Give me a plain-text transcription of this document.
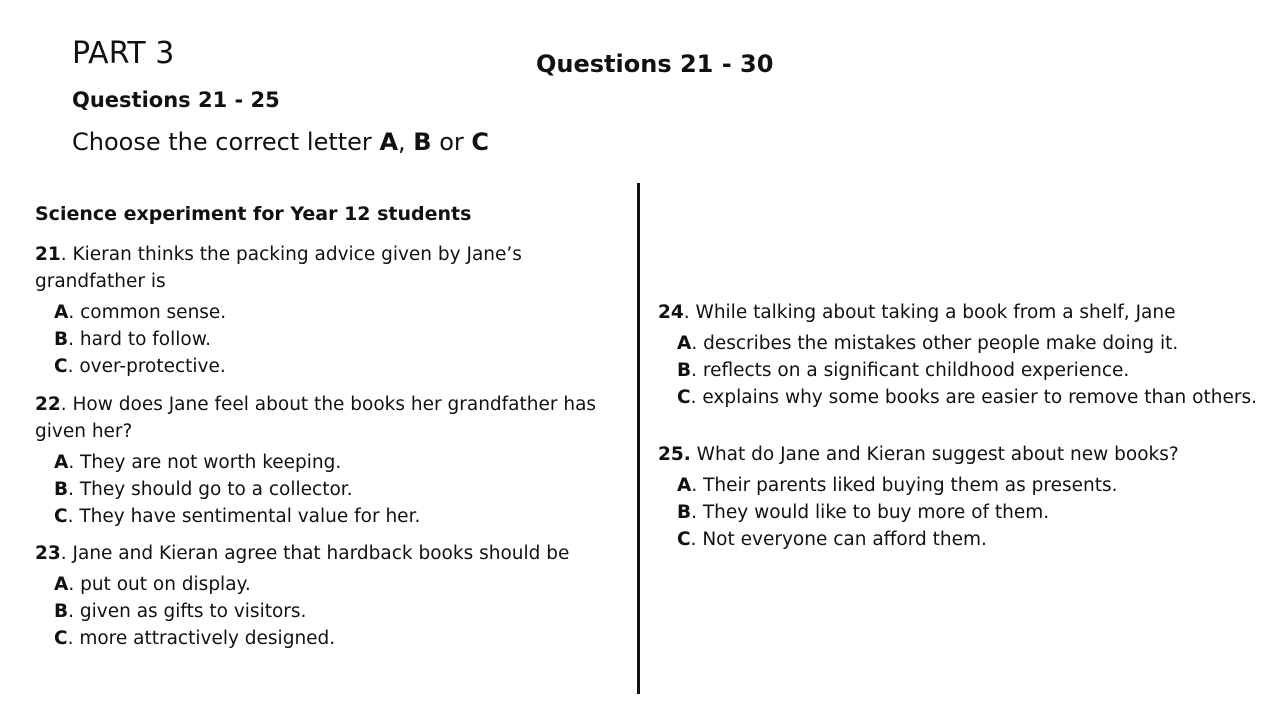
PART 3	Questions 21 - 30
Questions 21 - 25

Choose the correct letter A, B or C

Science experiment for Year 12 students

21. Kieran thinks the packing advice given by Jane’s grandfather is

A. common sense.
B. hard to follow.
C. over-protective.

22. How does Jane feel about the books her grandfather has given her?

A. They are not worth keeping.
B. They should go to a collector.
C. They have sentimental value for her.

23. Jane and Kieran agree that hardback books should be

A. put out on display.
B. given as gifts to visitors.
C. more attractively designed.

24. While talking about taking a book from a shelf, Jane

A. describes the mistakes other people make doing it.
B. reflects on a significant childhood experience.
C. explains why some books are easier to remove than others.

25. What do Jane and Kieran suggest about new books?

A. Their parents liked buying them as presents.
B. They would like to buy more of them.
C. Not everyone can afford them.
